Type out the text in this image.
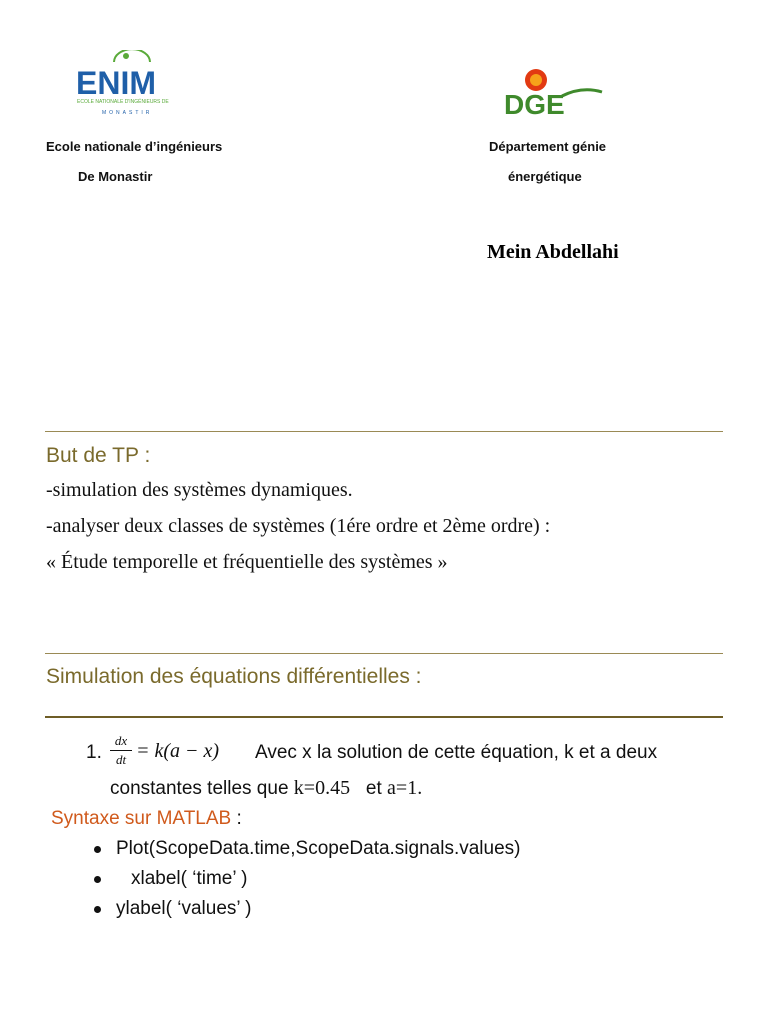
ENIM
ECOLE NATIONALE D'INGÉNIEURS DE
MONASTIR	DGE
Ecole nationale d’ingénieurs
De Monastir
Département génie
énergétique
Mein Abdellahi
But de TP :
-simulation des systèmes dynamiques.
-analyser deux classes de systèmes (1ére ordre et 2ème ordre) :
« Étude temporelle et fréquentielle des systèmes »
Simulation des équations différentielles :
1.
dx
dt = k(a − x) Avec x la solution de cette équation, k et a deux
constantes telles que k=0.45   et a=1.
Syntaxe sur MATLAB :
Plot(ScopeData.time,ScopeData.signals.values)
xlabel( ‘time’ )
ylabel( ‘values’ )
